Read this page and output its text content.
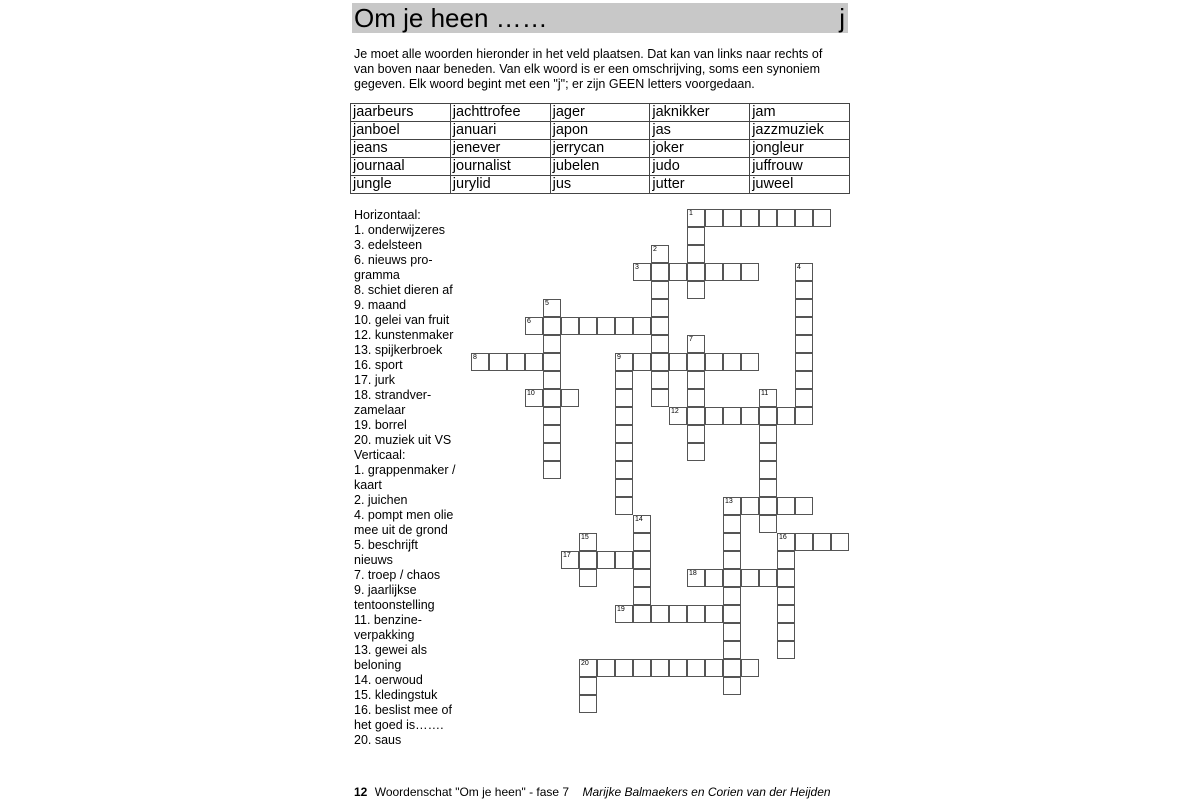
Om je heen ……	j

Je moet alle woorden hieronder in het veld plaatsen. Dat kan van links naar rechts of

van boven naar beneden. Van elk woord is er een omschrijving, soms een synoniem

gegeven. Elk woord begint met een "j"; er zijn GEEN letters voorgedaan.

jaarbeurs	jachttrofee	jager	jaknikker	jam
janboel	januari	japon	jas	jazzmuziek
jeans	jenever	jerrycan	joker	jongleur
journaal	journalist	jubelen	judo	juffrouw
jungle	jurylid	jus	jutter	juweel
Horizontaal:
1. onderwijzeres
3. edelsteen
6. nieuws pro-
gramma
8. schiet dieren af
9. maand
10. gelei van fruit
12. kunstenmaker
13. spijkerbroek
16. sport
17. jurk
18. strandver-
zamelaar
19. borrel
20. muziek uit VS
Verticaal:
1. grappenmaker /
kaart
2. juichen
4. pompt men olie
mee uit de grond
5. beschrijft
nieuws
7. troep / chaos
9. jaarlijkse
tentoonstelling
11. benzine-
verpakking
13. gewei als
beloning
14. oerwoud
15. kledingstuk
16. beslist mee of
het goed is…….
20. saus
1
3
6
8	9
10
12
13
16
17
18
19
20
2
4
5
7
11
14
15
12 Woordenschat "Om je heen" - fase 7 Marijke Balmaekers en Corien van der Heijden
